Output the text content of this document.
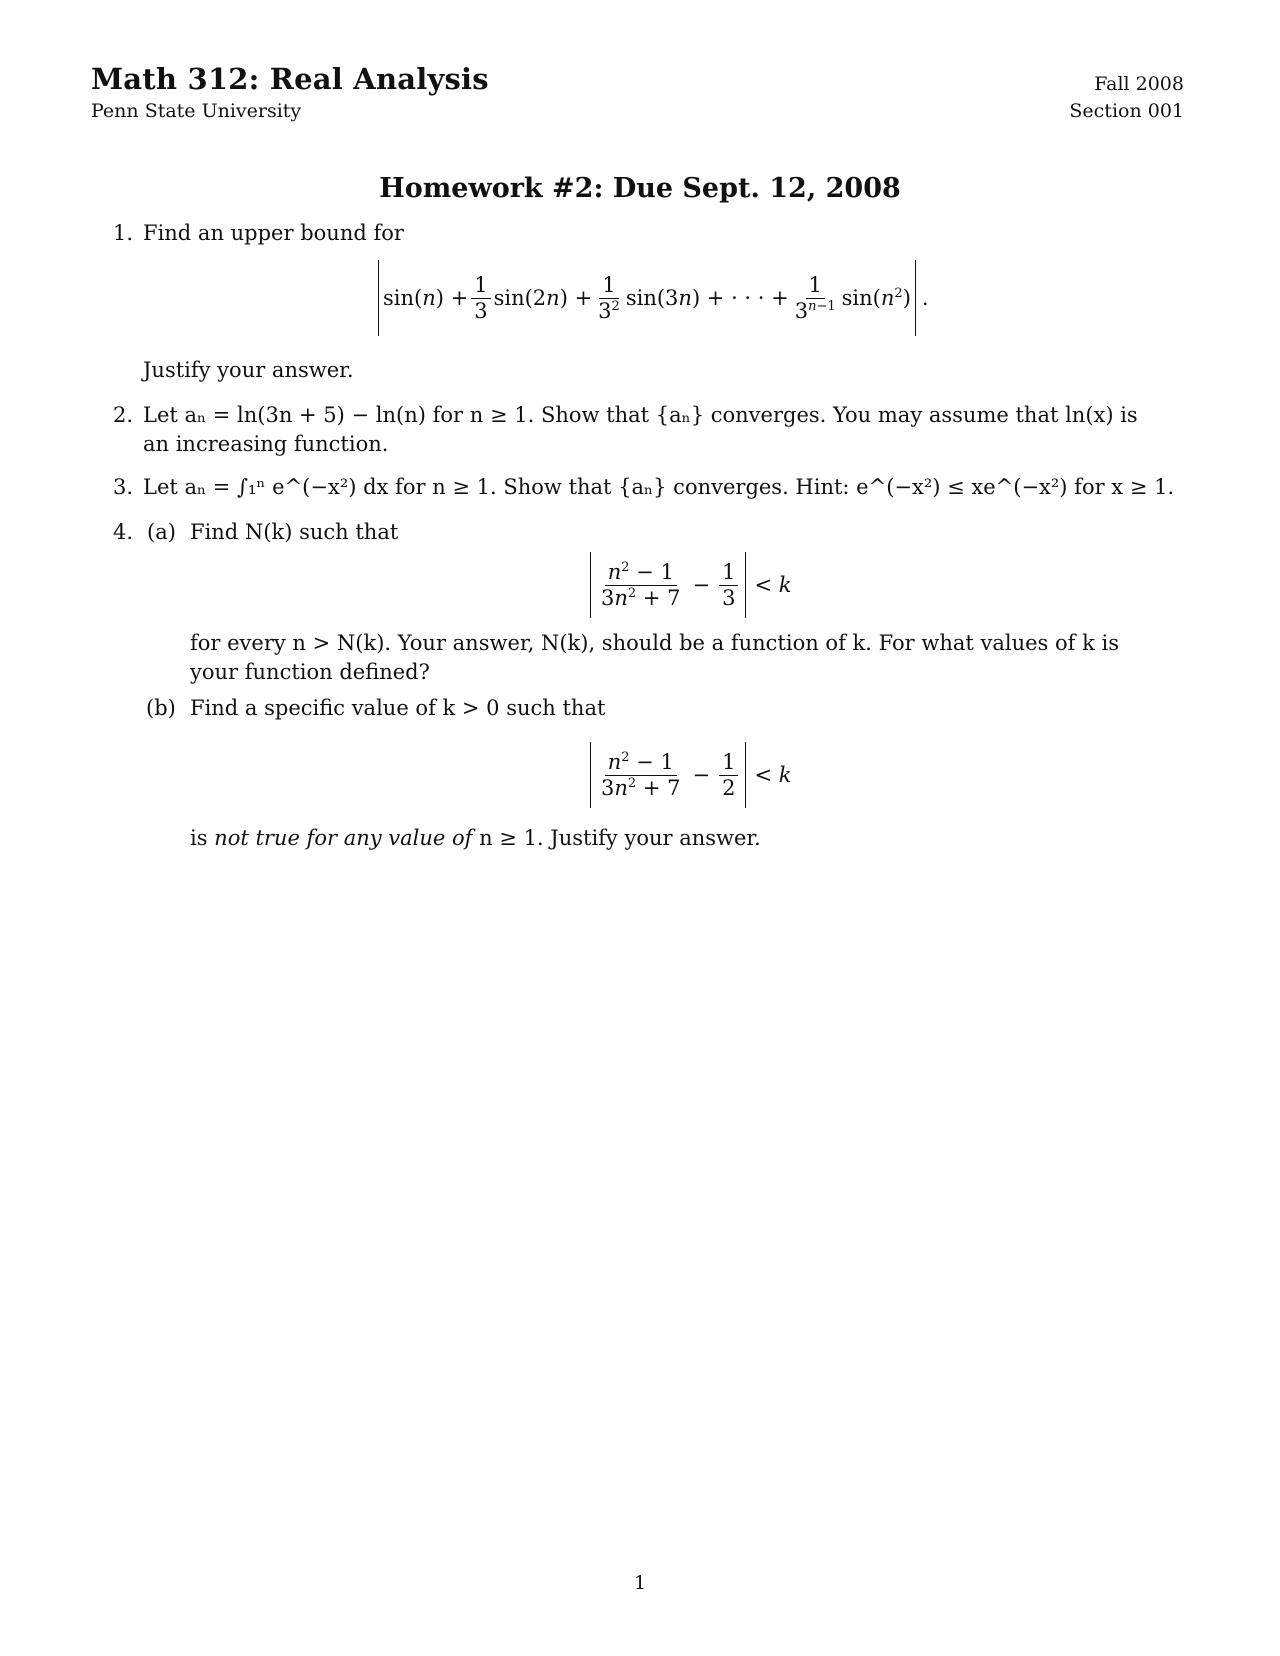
Math 312: Real Analysis
Penn State University
Fall 2008
Section 001
Homework #2: Due Sept. 12, 2008
1. Find an upper bound for
$\sin(n) + \frac{1}{3} \sin(2n) + \frac{1}{3^2} \sin(3n)$ + · · · + $\frac{1}{3^{n-1}} \sin(n^2)$ .
Justify your answer.
2. Let aₙ = ln(3n + 5) − ln(n) for n ≥ 1. Show that {aₙ} converges. You may assume that ln(x) is
an increasing function.
3. Let aₙ = ∫₁ⁿ e^(−x²) dx for n ≥ 1. Show that {aₙ} converges. Hint: e^(−x²) ≤ xe^(−x²) for x ≥ 1.
4. (a) Find N(k) such that
$\frac{n^2 - 1}{3n^2 + 7} - \frac{1}{3} < k$
for every n > N(k). Your answer, N(k), should be a function of k. For what values of k is
your function defined?
(b) Find a specific value of k > 0 such that
$\frac{n^2 - 1}{3n^2 + 7} - \frac{1}{2} < k$
is not true for any value of n ≥ 1. Justify your answer.
1
